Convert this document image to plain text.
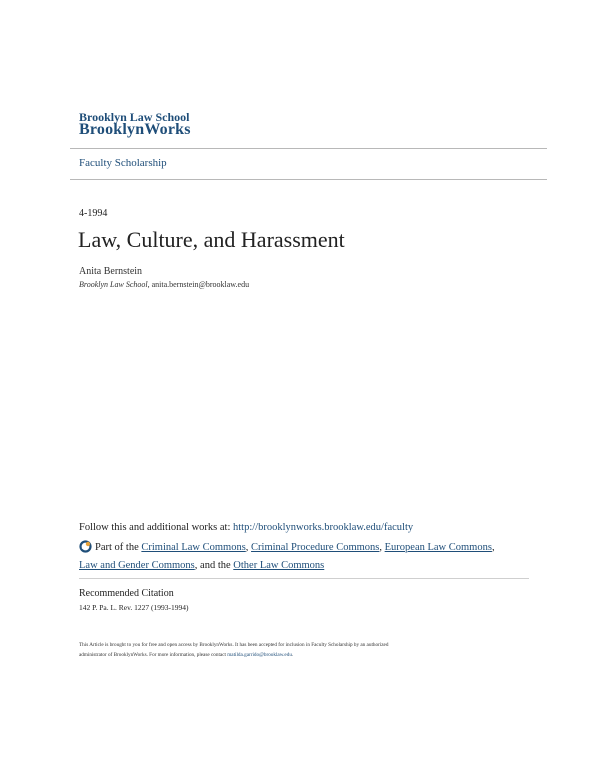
Brooklyn Law School
BrooklynWorks
Faculty Scholarship
4-1994
Law, Culture, and Harassment
Anita Bernstein
Brooklyn Law School, anita.bernstein@brooklaw.edu
Follow this and additional works at: http://brooklynworks.brooklaw.edu/faculty
Part of the Criminal Law Commons, Criminal Procedure Commons, European Law Commons,
Law and Gender Commons, and the Other Law Commons
Recommended Citation
142 P. Pa. L. Rev. 1227 (1993-1994)
This Article is brought to you for free and open access by BrooklynWorks. It has been accepted for inclusion in Faculty Scholarship by an authorized
administrator of BrooklynWorks. For more information, please contact matilda.garrido@brooklaw.edu.
